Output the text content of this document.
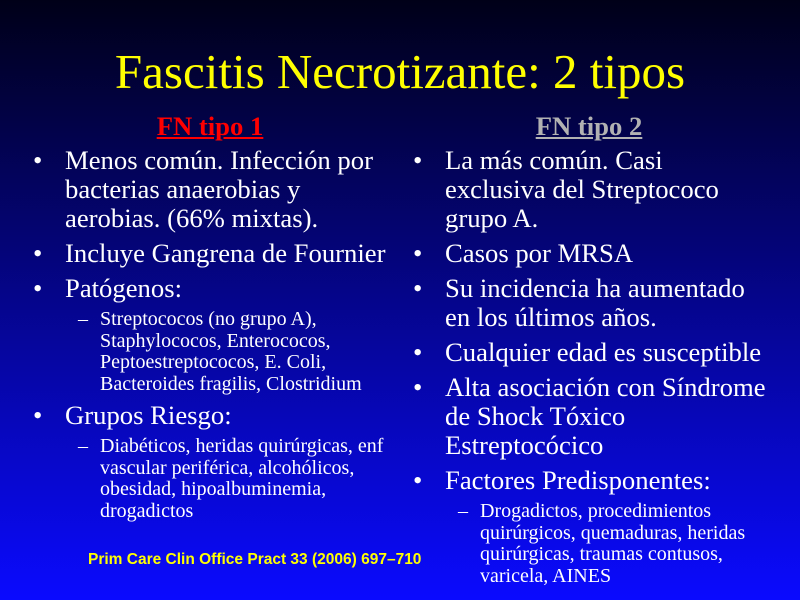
Fascitis Necrotizante: 2 tipos
FN tipo 1
• Menos común. Infección por
bacterias anaerobias y
aerobias. (66% mixtas).
• Incluye Gangrena de Fournier
• Patógenos:
– Streptococos (no grupo A),
Staphylococos, Enterococos,
Peptoestreptococos, E. Coli,
Bacteroides fragilis, Clostridium
• Grupos Riesgo:
– Diabéticos, heridas quirúrgicas, enf
vascular periférica, alcohólicos,
obesidad, hipoalbuminemia,
drogadictos
FN tipo 2
• La más común. Casi
exclusiva del Streptococo
grupo A.
• Casos por MRSA
• Su incidencia ha aumentado
en los últimos años.
• Cualquier edad es susceptible
• Alta asociación con Síndrome
de Shock Tóxico
Estreptocócico
• Factores Predisponentes:
– Drogadictos, procedimientos
quirúrgicos, quemaduras, heridas
quirúrgicas, traumas contusos,
varicela, AINES
Prim Care Clin Office Pract 33 (2006) 697–710
